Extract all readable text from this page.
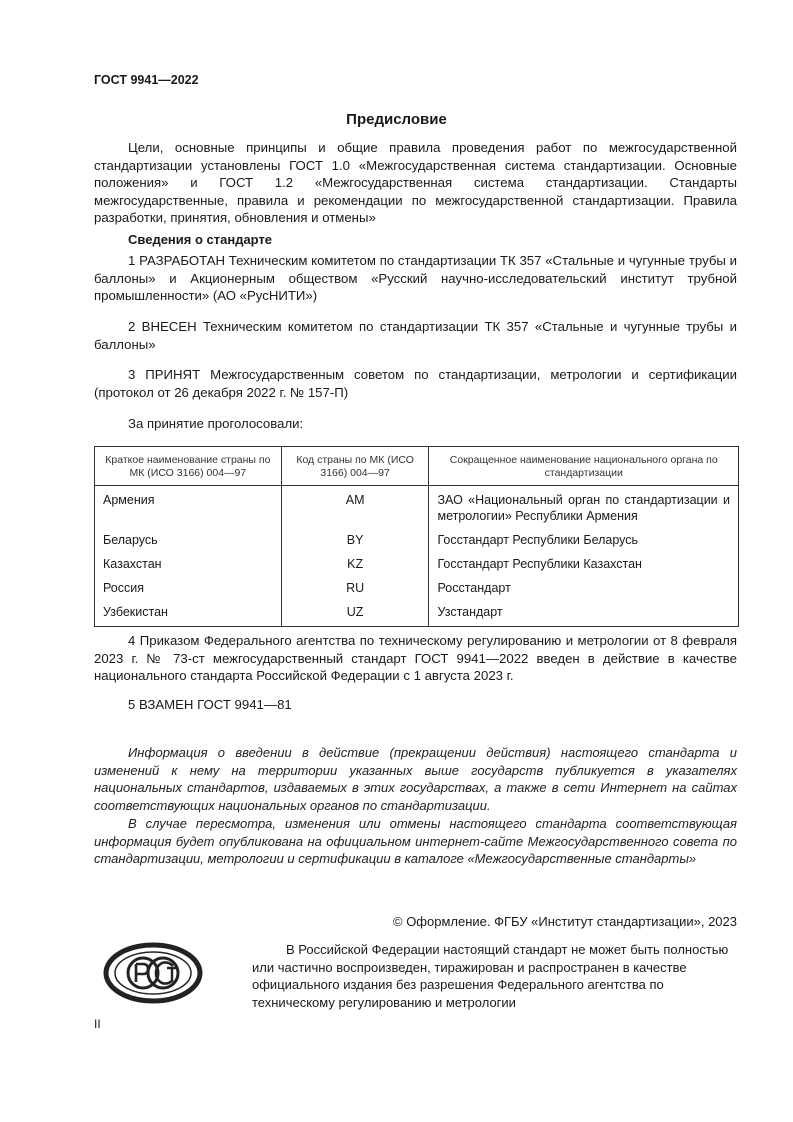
ГОСТ 9941—2022
Предисловие

Цели, основные принципы и общие правила проведения работ по межгосударственной стандартизации установлены ГОСТ 1.0 «Межгосударственная система стандартизации. Основные положения» и ГОСТ 1.2 «Межгосударственная система стандартизации. Стандарты межгосударственные, правила и рекомендации по межгосударственной стандартизации. Правила разработки, принятия, обновления и отмены»

Сведения о стандарте

1 РАЗРАБОТАН Техническим комитетом по стандартизации ТК 357 «Стальные и чугунные трубы и баллоны» и Акционерным обществом «Русский научно-исследовательский институт трубной промышленности» (АО «РусНИТИ»)

2 ВНЕСЕН Техническим комитетом по стандартизации ТК 357 «Стальные и чугунные трубы и баллоны»

3 ПРИНЯТ Межгосударственным советом по стандартизации, метрологии и сертификации (протокол от 26 декабря 2022 г. № 157-П)

За принятие проголосовали:
Краткое наименование страны по МК (ИСО 3166) 004—97	Код страны по МК (ИСО 3166) 004—97	Сокращенное наименование национального органа по стандартизации
Армения	AM	ЗАО «Национальный орган по стандартизации и метрологии» Республики Армения
Беларусь	BY	Госстандарт Республики Беларусь
Казахстан	KZ	Госстандарт Республики Казахстан
Россия	RU	Росстандарт
Узбекистан	UZ	Узстандарт

4 Приказом Федерального агентства по техническому регулированию и метрологии от 8 февраля 2023 г. № 73-ст межгосударственный стандарт ГОСТ 9941—2022 введен в действие в качестве национального стандарта Российской Федерации с 1 августа 2023 г.

5 ВЗАМЕН ГОСТ 9941—81

Информация о введении в действие (прекращении действия) настоящего стандарта и изменений к нему на территории указанных выше государств публикуется в указателях национальных стандартов, издаваемых в этих государствах, а также в сети Интернет на сайтах соответствующих национальных органов по стандартизации.

В случае пересмотра, изменения или отмены настоящего стандарта соответствующая информация будет опубликована на официальном интернет-сайте Межгосударственного совета по стандартизации, метрологии и сертификации в каталоге «Межгосударственные стандарты»

© Оформление. ФГБУ «Институт стандартизации», 2023

В Российской Федерации настоящий стандарт не может быть полностью или частично воспроизведен, тиражирован и распространен в качестве официального издания без разрешения Федерального агентства по техническому регулированию и метрологии

II
